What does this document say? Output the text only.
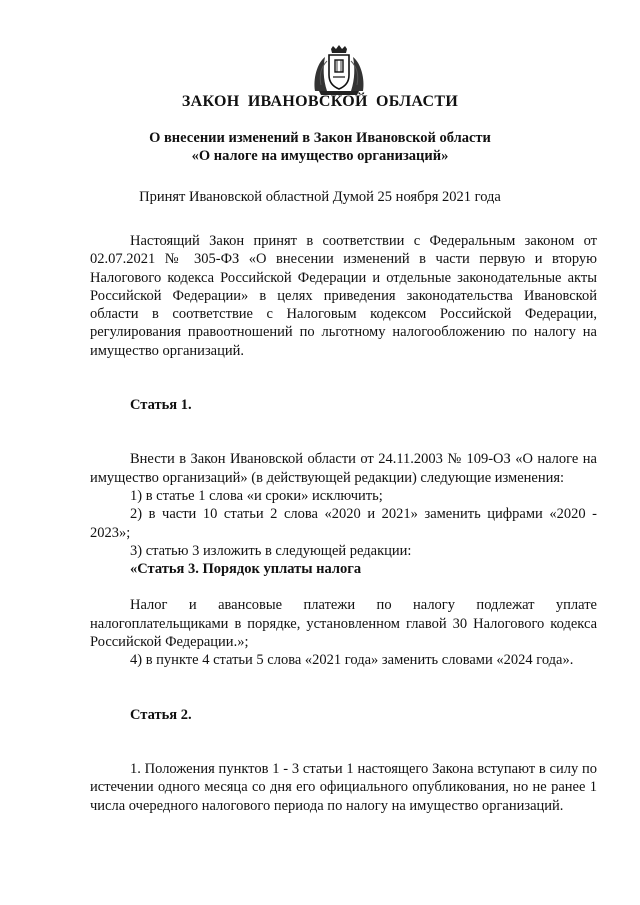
ЗАКОН ИВАНОВСКОЙ ОБЛАСТИ
О внесении изменений в Закон Ивановской области
«О налоге на имущество организаций»
Принят Ивановской областной Думой 25 ноября 2021 года

Настоящий Закон принят в соответствии с Федеральным законом от 02.07.2021 № 305-ФЗ «О внесении изменений в части первую и вторую Налогового кодекса Российской Федерации и отдельные законодательные акты Российской Федерации» в целях приведения законодательства Ивановской области в соответствие с Налоговым кодексом Российской Федерации, регулирования правоотношений по льготному налогообложению по налогу на имущество организаций.

Статья 1.

Внести в Закон Ивановской области от 24.11.2003 № 109-ОЗ «О налоге на имущество организаций» (в действующей редакции) следующие изменения:

1) в статье 1 слова «и сроки» исключить;

2) в части 10 статьи 2 слова «2020 и 2021» заменить цифрами «2020 - 2023»;

3) статью 3 изложить в следующей редакции:

«Статья 3. Порядок уплаты налога

Налог и авансовые платежи по налогу подлежат уплате налогоплательщиками в порядке, установленном главой 30 Налогового кодекса Российской Федерации.»;

4) в пункте 4 статьи 5 слова «2021 года» заменить словами «2024 года».

Статья 2.

1. Положения пунктов 1 - 3 статьи 1 настоящего Закона вступают в силу по истечении одного месяца со дня его официального опубликования, но не ранее 1 числа очередного налогового периода по налогу на имущество организаций.
